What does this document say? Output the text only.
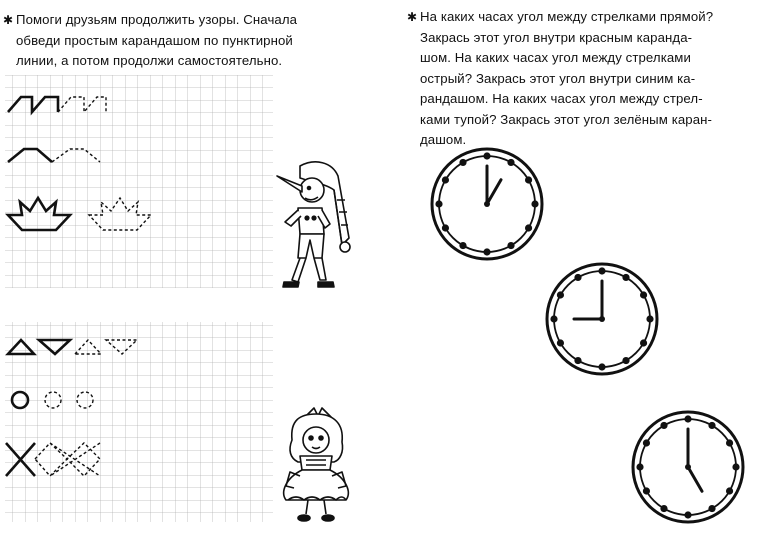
✱ Помоги друзьям продолжить узоры. Сначала
обведи простым карандашом по пунктирной
линии, а потом продолжи самостоятельно.
✱ На каких часах угол между стрелками прямой?
Закрась этот угол внутри красным каранда-
шом. На каких часах угол между стрелками
острый? Закрась этот угол внутри синим ка-
рандашом. На каких часах угол между стрел-
ками тупой? Закрась этот угол зелёным каран-
дашом.
